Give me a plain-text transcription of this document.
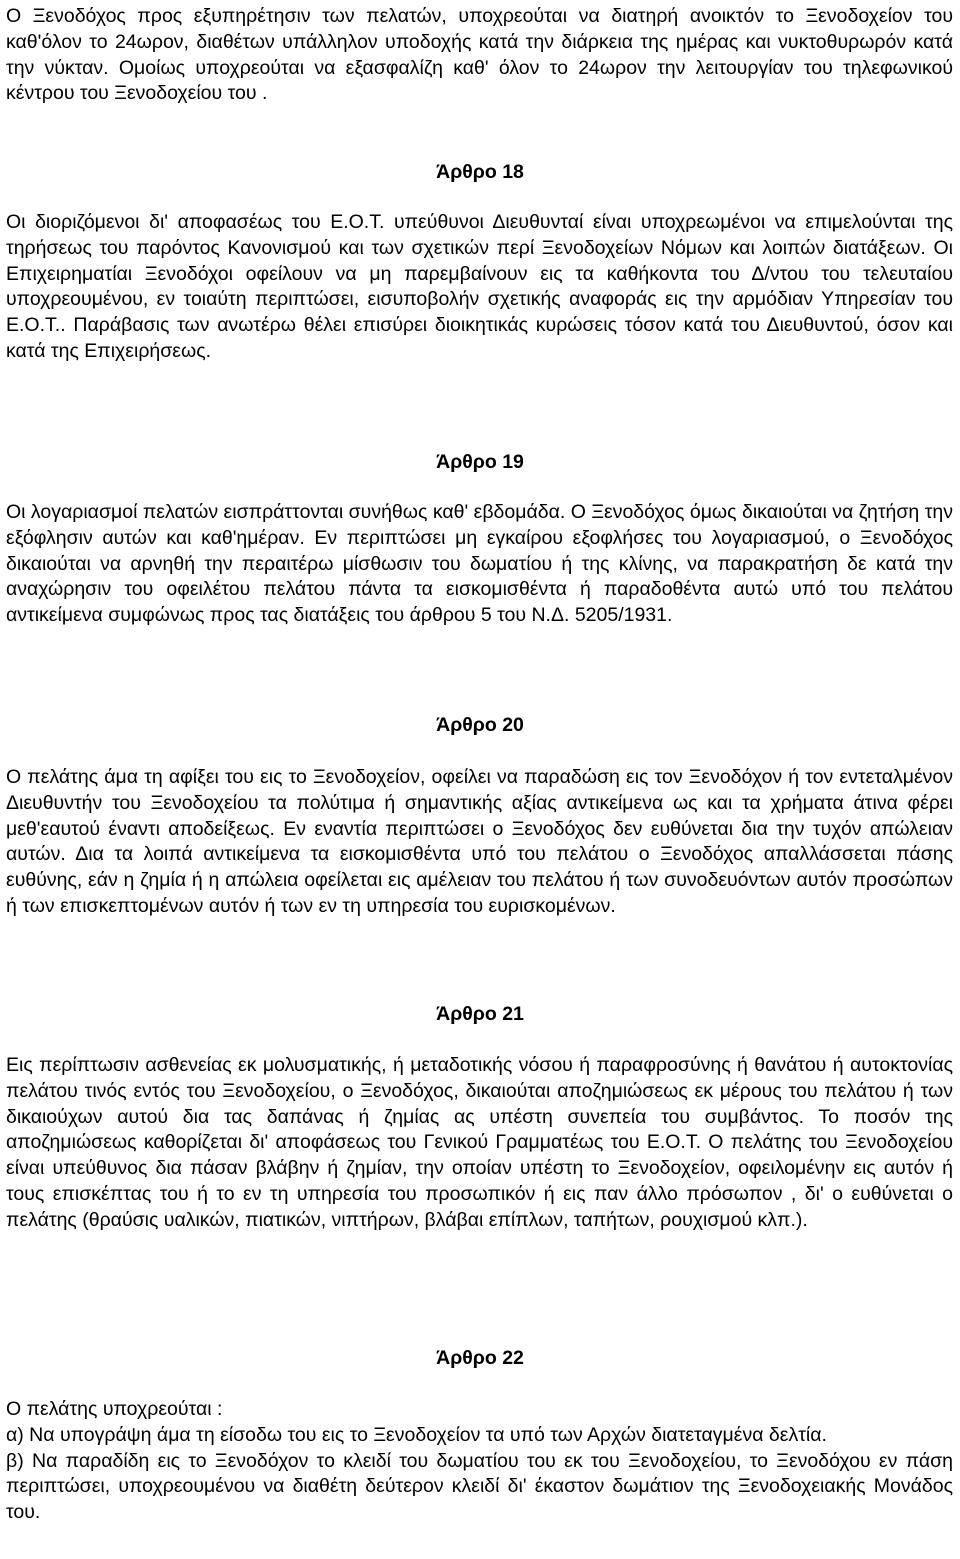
Ο Ξενοδόχος προς εξυπηρέτησιν των πελατών, υποχρεούται να διατηρή ανοικτόν το Ξενοδοχείον του καθ'όλον το 24ωρον, διαθέτων υπάλληλον υποδοχής κατά την διάρκεια της ημέρας και νυκτοθυρωρόν κατά την νύκταν. Ομοίως υποχρεούται να εξασφαλίζη καθ' όλον το 24ωρον την λειτουργίαν του τηλεφωνικού κέντρου του Ξενοδοχείου του .

Άρθρο 18

Οι διοριζόμενοι δι' αποφασέως του Ε.Ο.Τ. υπεύθυνοι Διευθυνταί είναι υποχρεωμένοι να επιμελούνται της τηρήσεως του παρόντος Κανονισμού και των σχετικών περί Ξενοδοχείων Νόμων και λοιπών διατάξεων. Οι Επιχειρηματίαι Ξενοδόχοι οφείλουν να μη παρεμβαίνουν εις τα καθήκοντα του Δ/ντου του τελευταίου υποχρεουμένου, εν τοιαύτη περιπτώσει, εισυποβολήν σχετικής αναφοράς εις την αρμόδιαν Υπηρεσίαν του Ε.Ο.Τ.. Παράβασις των ανωτέρω θέλει επισύρει διοικητικάς κυρώσεις τόσον κατά του Διευθυντού, όσον και κατά της Επιχειρήσεως.

Άρθρο 19

Οι λογαριασμοί πελατών εισπράττονται συνήθως καθ' εβδομάδα. Ο Ξενοδόχος όμως δικαιούται να ζητήση την εξόφλησιν αυτών και καθ'ημέραν. Εν περιπτώσει μη εγκαίρου εξοφλήσες του λογαριασμού, ο Ξενοδόχος δικαιούται να αρνηθή την περαιτέρω μίσθωσιν του δωματίου ή της κλίνης, να παρακρατήση δε κατά την αναχώρησιν του οφειλέτου πελάτου πάντα τα εισκομισθέντα ή παραδοθέντα αυτώ υπό του πελάτου αντικείμενα συμφώνως προς τας διατάξεις του άρθρου 5 του Ν.Δ. 5205/1931.

Άρθρο 20

Ο πελάτης άμα τη αφίξει του εις το Ξενοδοχείον, οφείλει να παραδώση εις τον Ξενοδόχον ή τον εντεταλμένον Διευθυντήν του Ξενοδοχείου τα πολύτιμα ή σημαντικής αξίας αντικείμενα ως και τα χρήματα άτινα φέρει μεθ'εαυτού έναντι αποδείξεως. Εν εναντία περιπτώσει ο Ξενοδόχος δεν ευθύνεται δια την τυχόν απώλειαν αυτών. Δια τα λοιπά αντικείμενα τα εισκομισθέντα υπό του πελάτου ο Ξενοδόχος απαλλάσσεται πάσης ευθύνης, εάν η ζημία ή η απώλεια οφείλεται εις αμέλειαν του πελάτου ή των συνοδευόντων αυτόν προσώπων ή των επισκεπτομένων αυτόν ή των εν τη υπηρεσία του ευρισκομένων.

Άρθρο 21

Εις περίπτωσιν ασθενείας εκ μολυσματικής, ή μεταδοτικής νόσου ή παραφροσύνης ή θανάτου ή αυτοκτονίας πελάτου τινός εντός του Ξενοδοχείου, ο Ξενοδόχος, δικαιούται αποζημιώσεως εκ μέρους του πελάτου ή των δικαιούχων αυτού δια τας δαπάνας ή ζημίας ας υπέστη συνεπεία του συμβάντος. Το ποσόν της αποζημιώσεως καθορίζεται δι' αποφάσεως του Γενικού Γραμματέως του Ε.Ο.Τ. Ο πελάτης του Ξενοδοχείου είναι υπεύθυνος δια πάσαν βλάβην ή ζημίαν, την οποίαν υπέστη το Ξενοδοχείον, οφειλομένην εις αυτόν ή τους επισκέπτας του ή το εν τη υπηρεσία του προσωπικόν ή εις παν άλλο πρόσωπον , δι' ο ευθύνεται ο πελάτης (θραύσις υαλικών, πιατικών, νιπτήρων, βλάβαι επίπλων, ταπήτων, ρουχισμού κλπ.).

Άρθρο 22
Ο πελάτης υποχρεούται :
α) Να υπογράψη άμα τη είσοδω του εις το Ξενοδοχείον τα υπό των Αρχών διατεταγμένα δελτία.
β) Να παραδίδη εις το Ξενοδόχον το κλειδί του δωματίου του εκ του Ξενοδοχείου, το Ξενοδόχου εν πάση περιπτώσει, υποχρεουμένου να διαθέτη δεύτερον κλειδί δι' έκαστον δωμάτιον της Ξενοδοχειακής Μονάδος του.
